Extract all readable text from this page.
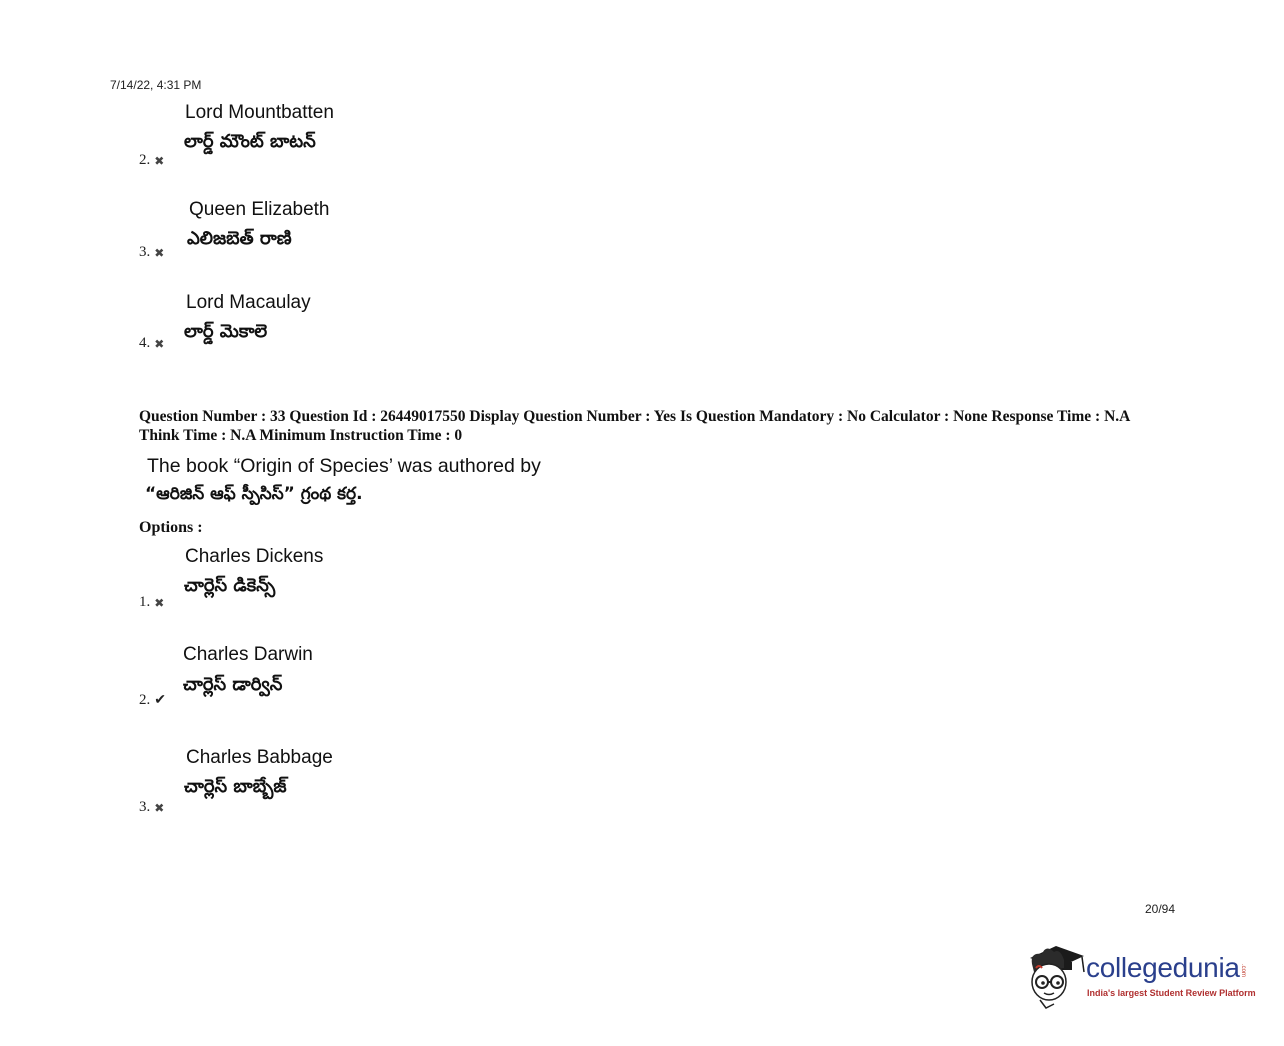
7/14/22, 4:31 PM
Lord Mountbatten
లార్డ్ మౌంట్ బాటన్
2. ✖
Queen Elizabeth
ఎలిజబెత్ రాణి
3. ✖
Lord Macaulay
లార్డ్ మెకాలె
4. ✖
Question Number : 33 Question Id : 26449017550 Display Question Number : Yes Is Question Mandatory : No Calculator : None Response Time : N.A Think Time : N.A Minimum Instruction Time : 0
The book “Origin of Species’ was authored by
“ఆరిజిన్ ఆఫ్ స్పీసిస్” గ్రంథ కర్త.
Options :
Charles Dickens
చార్లెస్ డికెన్స్
1. ✖
Charles Darwin
చార్లెస్ డార్విన్
2. ✔
Charles Babbage
చార్లెస్ బాబ్బేజ్
3. ✖
20/94
collegedunia .com
India's largest Student Review Platform
